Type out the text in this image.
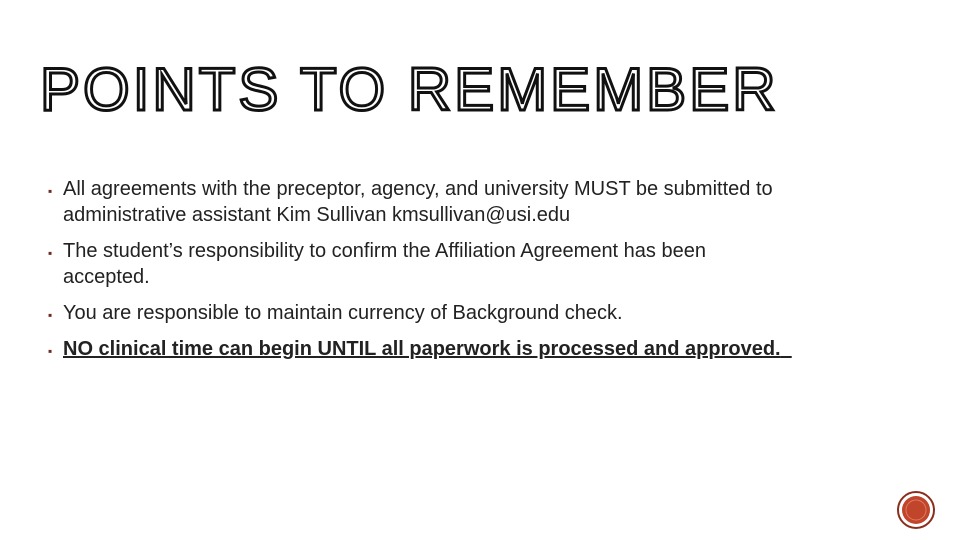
POINTS TO REMEMBER
▪ All agreements with the preceptor, agency, and university MUST be submitted to administrative assistant Kim Sullivan kmsullivan@usi.edu
▪ The student’s responsibility to confirm the Affiliation Agreement has been accepted.
▪ You are responsible to maintain currency of Background check.
▪ NO clinical time can begin UNTIL all paperwork is processed and approved.
